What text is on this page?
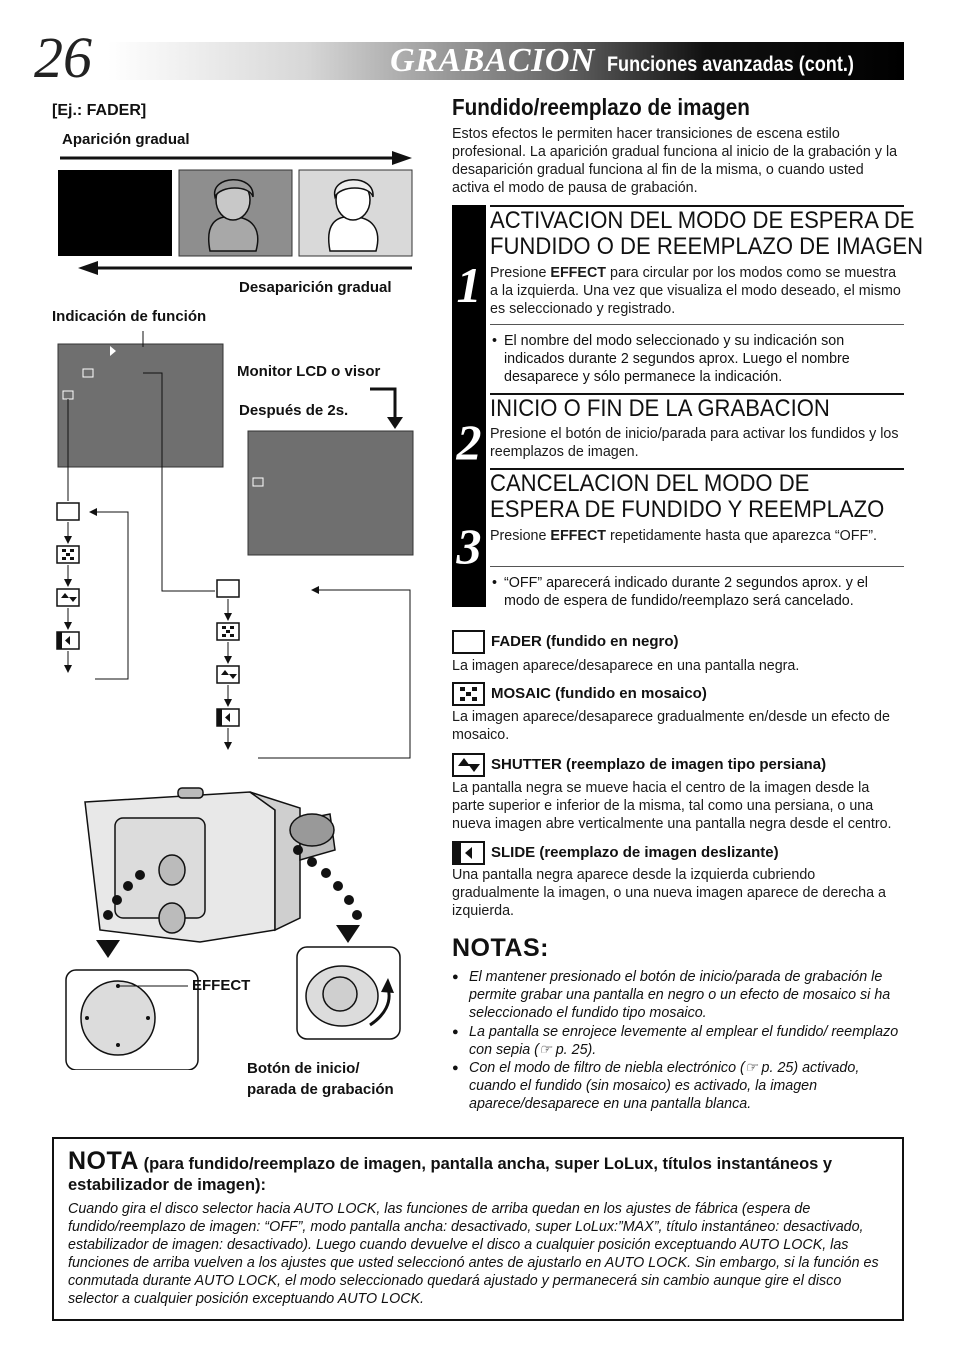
26	GRABACION Funciones avanzadas (cont.)
[Ej.: FADER]
Aparición gradual
Desaparición gradual
Indicación de función
Monitor LCD o visor
Después de 2s.
EFFECT
Botón de inicio/
parada de grabación
Fundido/reemplazo de imagen
Estos efectos le permiten hacer transiciones de escena estilo profesional. La aparición gradual funciona al inicio de la grabación y la desaparición gradual funciona al fin de la misma, o cuando usted activa el modo de pausa de grabación.
1
2
3
ACTIVACION DEL MODO DE ESPERA DE
FUNDIDO O DE REEMPLAZO DE IMAGEN
Presione EFFECT para circular por los modos como se muestra a la izquierda. Una vez que visualiza el modo deseado, el mismo es seleccionado y registrado.
• El nombre del modo seleccionado y su indicación son indicados durante 2 segundos aprox. Luego el nombre desaparece y sólo permanece la indicación.
INICIO O FIN DE LA GRABACION
Presione el botón de inicio/parada para activar los fundidos y los reemplazos de imagen.
CANCELACION DEL MODO DE
ESPERA DE FUNDIDO Y REEMPLAZO
Presione EFFECT repetidamente hasta que aparezca “OFF”.
• “OFF” aparecerá indicado durante 2 segundos aprox. y el modo de espera de fundido/reemplazo será cancelado.
FADER (fundido en negro)
La imagen aparece/desaparece en una pantalla negra.
MOSAIC (fundido en mosaico)
La imagen aparece/desaparece gradualmente en/desde un efecto de mosaico.
SHUTTER (reemplazo de imagen tipo persiana)
La pantalla negra se mueve hacia el centro de la imagen desde la parte superior e inferior de la misma, tal como una persiana, o una nueva imagen abre verticalmente una pantalla negra desde el centro.
SLIDE (reemplazo de imagen deslizante)
Una pantalla negra aparece desde la izquierda cubriendo gradualmente la imagen, o una nueva imagen aparece de derecha a izquierda.
NOTAS:
● El mantener presionado el botón de inicio/parada de grabación le permite grabar una pantalla en negro o un efecto de mosaico si ha seleccionado el fundido tipo mosaico.
● La pantalla se enrojece levemente al emplear el fundido/ reemplazo con sepia (☞ p. 25).
● Con el modo de filtro de niebla electrónico (☞ p. 25) activado, cuando el fundido (sin mosaico) es activado, la imagen aparece/desaparece en una pantalla blanca.
NOTA (para fundido/reemplazo de imagen, pantalla ancha, super LoLux, títulos instantáneos y estabilizador de imagen):
Cuando gira el disco selector hacia AUTO LOCK, las funciones de arriba quedan en los ajustes de fábrica (espera de fundido/reemplazo de imagen: “OFF”, modo pantalla ancha: desactivado, super LoLux:”MAX”, título instantáneo: desactivado, estabilizador de imagen: desactivado). Luego cuando devuelve el disco a cualquier posición exceptuando AUTO LOCK, las funciones de arriba vuelven a los ajustes que usted seleccionó antes de ajustarlo en AUTO LOCK. Sin embargo, si la función es conmutada durante AUTO LOCK, el modo seleccionado quedará ajustado y permanecerá sin cambio aunque gire el disco selector a cualquier posición exceptuando AUTO LOCK.
